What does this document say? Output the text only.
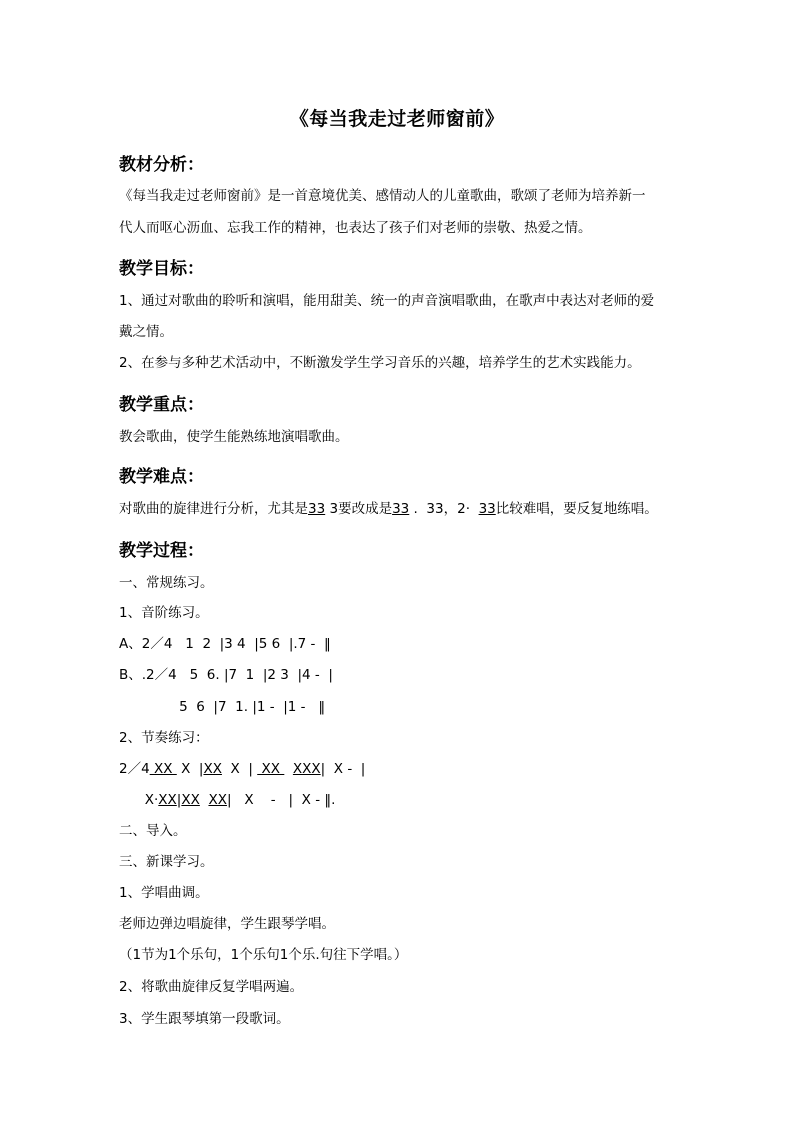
《每当我走过老师窗前》
教材分析：
《每当我走过老师窗前》是一首意境优美、感情动人的儿童歌曲，歌颂了老师为培养新一
代人而呕心沥血、忘我工作的精神，也表达了孩子们对老师的崇敬、热爱之情。
教学目标：
1、通过对歌曲的聆听和演唱，能用甜美、统一的声音演唱歌曲，在歌声中表达对老师的爱
戴之情。
2、在参与多种艺术活动中，不断激发学生学习音乐的兴趣，培养学生的艺术实践能力。
教学重点：
教会歌曲，使学生能熟练地演唱歌曲。
教学难点：
对歌曲的旋律进行分析，尤其是33 3要改成是33 .  33，2·  33比较难唱，要反复地练唱。
教学过程：
一、常规练习。
1、音阶练习。
A、2／4   1  2  |3 4  |5 6  |.7 -  ‖
B、.2／4   5  6. |7  1  |2 3  |4 -  |
5  6  |7  1. |1 -  |1 -   ‖
2、节奏练习：
2／4 XX  X  |XX  X  |  XX   XXX|  X -  |
X·XX|XX XX|   X    -   |  X - ‖.
二、导入。
三、新课学习。
1、学唱曲调。
老师边弹边唱旋律，学生跟琴学唱。
（1节为1个乐句，1个乐句1个乐.句往下学唱。）
2、将歌曲旋律反复学唱两遍。
3、学生跟琴填第一段歌词。
